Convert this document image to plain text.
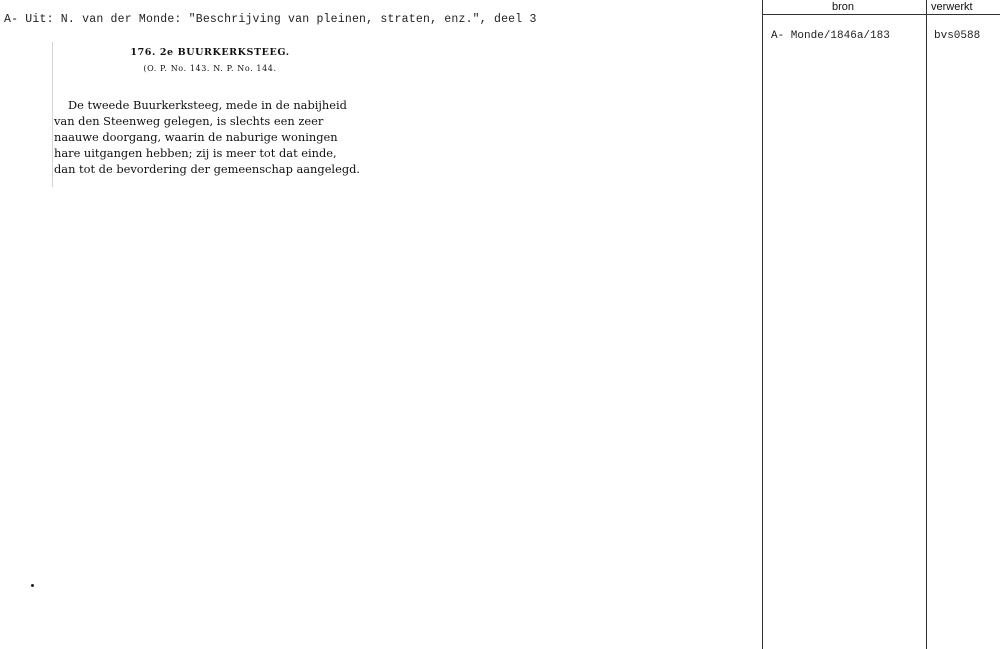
A- Uit: N. van der Monde: "Beschrijving van pleinen, straten, enz.", deel 3
176. 2e BUURKERKSTEEG.
(O. P. No. 143. N. P. No. 144.
De tweede Buurkerksteeg, mede in de nabijheid
van den Steenweg gelegen, is slechts een zeer
naauwe doorgang, waarin de naburige woningen
hare uitgangen hebben; zij is meer tot dat einde,
dan tot de bevordering der gemeenschap aangelegd.
bron	verwerkt
A- Monde/1846a/183	bvs0588
